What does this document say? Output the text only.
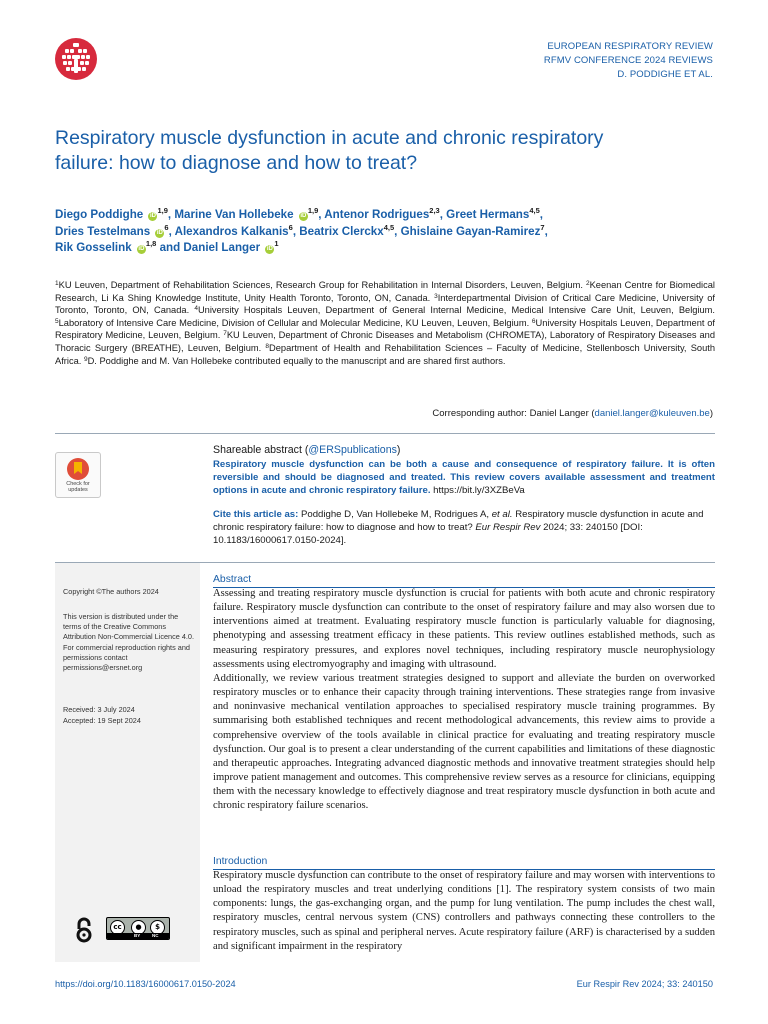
EUROPEAN RESPIRATORY REVIEW
RFMV CONFERENCE 2024 REVIEWS
D. PODDIGHE ET AL.
Respiratory muscle dysfunction in acute and chronic respiratory
failure: how to diagnose and how to treat?
Diego Poddighe iD$^{1,9}$, Marine Van Hollebeke iD$^{1,9}$, Antenor Rodrigues$^{2,3}$, Greet Hermans$^{4,5}$,
Dries Testelmans $iD^6$, Alexandros Kalkanis$^6$, Beatrix Clerckx$^{4,5}$, Ghislaine Gayan-Ramirez$^7$,
Rik Gosselink iD$^{1,8}$ and Daniel Langer $iD^1$
$^1$KU Leuven, Department of Rehabilitation Sciences, Research Group for Rehabilitation in Internal Disorders, Leuven, Belgium. $^2$Keenan Centre for Biomedical Research, Li Ka Shing Knowledge Institute, Unity Health Toronto, Toronto, ON, Canada. $^3$Interdepartmental Division of Critical Care Medicine, University of Toronto, Toronto, ON, Canada. $^4$University Hospitals Leuven, Department of General Internal Medicine, Medical Intensive Care Unit, Leuven, Belgium. $^5$Laboratory of Intensive Care Medicine, Division of Cellular and Molecular Medicine, KU Leuven, Leuven, Belgium. $^6$University Hospitals Leuven, Department of Respiratory Medicine, Leuven, Belgium. $^7$KU Leuven, Department of Chronic Diseases and Metabolism (CHROMETA), Laboratory of Respiratory Diseases and Thoracic Surgery (BREATHE), Leuven, Belgium. $^8$Department of Health and Rehabilitation Sciences – Faculty of Medicine, Stellenbosch University, South Africa. $^9$D. Poddighe and M. Van Hollebeke contributed equally to the manuscript and are shared first authors.
Corresponding author: Daniel Langer (daniel.langer@kuleuven.be)
Check for
updates
Shareable abstract (@ERSpublications)
Respiratory muscle dysfunction can be both a cause and consequence of respiratory failure. It is often reversible and should be diagnosed and treated. This review covers available assessment and treatment options in acute and chronic respiratory failure. https://bit.ly/3XZBeVa
Cite this article as: Poddighe D, Van Hollebeke M, Rodrigues A, et al. Respiratory muscle dysfunction in acute and chronic respiratory failure: how to diagnose and how to treat? Eur Respir Rev 2024; 33: 240150 [DOI: 10.1183/16000617.0150-2024].
Copyright ©The authors 2024
This version is distributed under the terms of the Creative Commons Attribution Non-Commercial Licence 4.0. For commercial reproduction rights and permissions contact permissions@ersnet.org
Received: 3 July 2024
Accepted: 19 Sept 2024
Abstract
Assessing and treating respiratory muscle dysfunction is crucial for patients with both acute and chronic respiratory failure. Respiratory muscle dysfunction can contribute to the onset of respiratory failure and may also worsen due to interventions aimed at treatment. Evaluating respiratory muscle function is particularly valuable for diagnosing, phenotyping and assessing treatment efficacy in these patients. This review outlines established methods, such as measuring respiratory pressures, and explores novel techniques, including respiratory muscle neurophysiology assessments using electromyography and imaging with ultrasound.
Additionally, we review various treatment strategies designed to support and alleviate the burden on overworked respiratory muscles or to enhance their capacity through training interventions. These strategies range from invasive and noninvasive mechanical ventilation approaches to specialised respiratory muscle training programmes. By summarising both established techniques and recent methodological advancements, this review aims to provide a comprehensive overview of the tools available in clinical practice for evaluating and treating respiratory muscle dysfunction. Our goal is to present a clear understanding of the current capabilities and limitations of these diagnostic and therapeutic approaches. Integrating advanced diagnostic methods and innovative treatment strategies should help improve patient management and outcomes. This comprehensive review serves as a resource for clinicians, equipping them with the necessary knowledge to effectively diagnose and treat respiratory muscle dysfunction in both acute and chronic respiratory failure scenarios.
Introduction
Respiratory muscle dysfunction can contribute to the onset of respiratory failure and may worsen with interventions to unload the respiratory muscles and treat underlying conditions [1]. The respiratory system consists of two main components: lungs, the gas-exchanging organ, and the pump for lung ventilation. The pump includes the chest wall, respiratory muscles, central nervous system (CNS) controllers and pathways connecting these controllers to the respiratory muscles, such as spinal and peripheral nerves. Acute respiratory failure (ARF) is characterised by a sudden and significant impairment in the respiratory
cc	●	$
BY	NC
https://doi.org/10.1183/16000617.0150-2024	Eur Respir Rev 2024; 33: 240150
